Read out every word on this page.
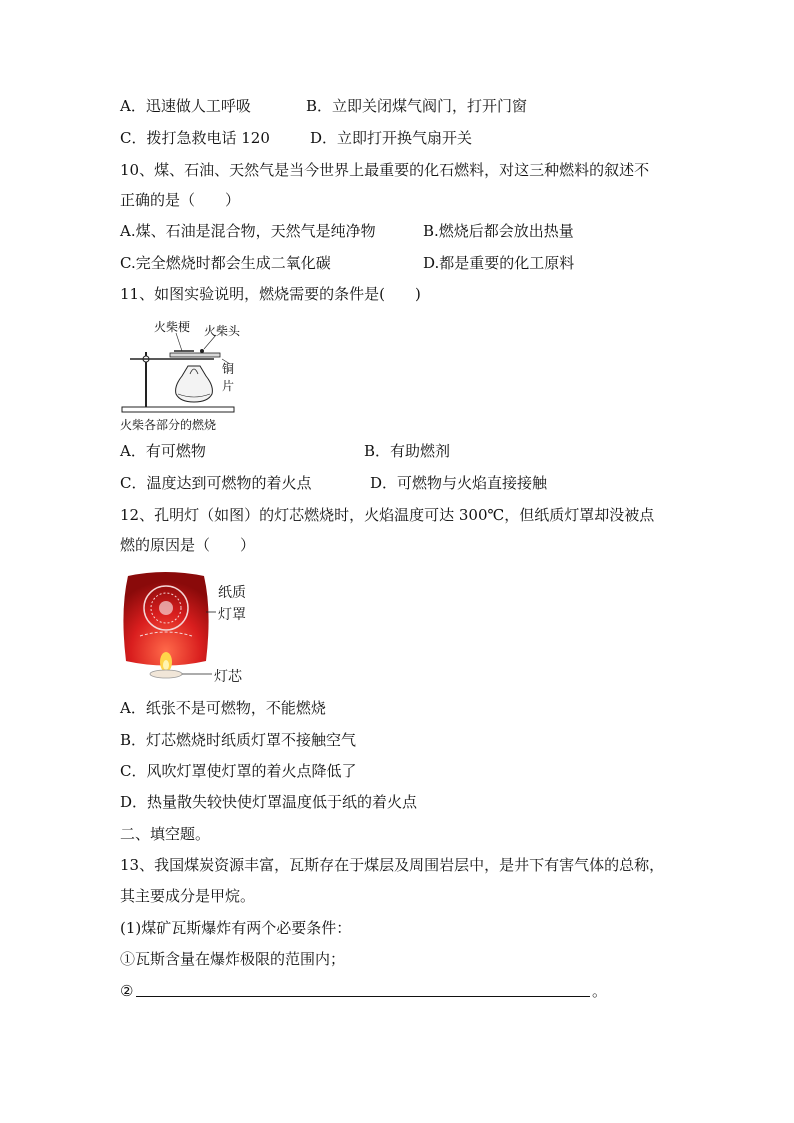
A．迅速做人工呼吸	B．立即关闭煤气阀门，打开门窗
C．拨打急救电话 120	D．立即打开换气扇开关
10、煤、石油、天然气是当今世界上最重要的化石燃料，对这三种燃料的叙述不
正确的是（　　）
A.煤、石油是混合物，天然气是纯净物	B.燃烧后都会放出热量
C.完全燃烧时都会生成二氧化碳	D.都是重要的化工原料
11、如图实验说明，燃烧需要的条件是(　　)
火柴梗 火柴头
铜片
火柴各部分的燃烧
A．有可燃物	B．有助燃剂
C．温度达到可燃物的着火点	D．可燃物与火焰直接接触
12、孔明灯（如图）的灯芯燃烧时，火焰温度可达 300℃，但纸质灯罩却没被点
燃的原因是（　　）
纸质
灯罩
灯芯
A．纸张不是可燃物，不能燃烧
B．灯芯燃烧时纸质灯罩不接触空气
C．风吹灯罩使灯罩的着火点降低了
D．热量散失较快使灯罩温度低于纸的着火点
二、填空题。
13、我国煤炭资源丰富，瓦斯存在于煤层及周围岩层中，是井下有害气体的总称，
其主要成分是甲烷。
(1)煤矿瓦斯爆炸有两个必要条件：
①瓦斯含量在爆炸极限的范围内；
②	。
